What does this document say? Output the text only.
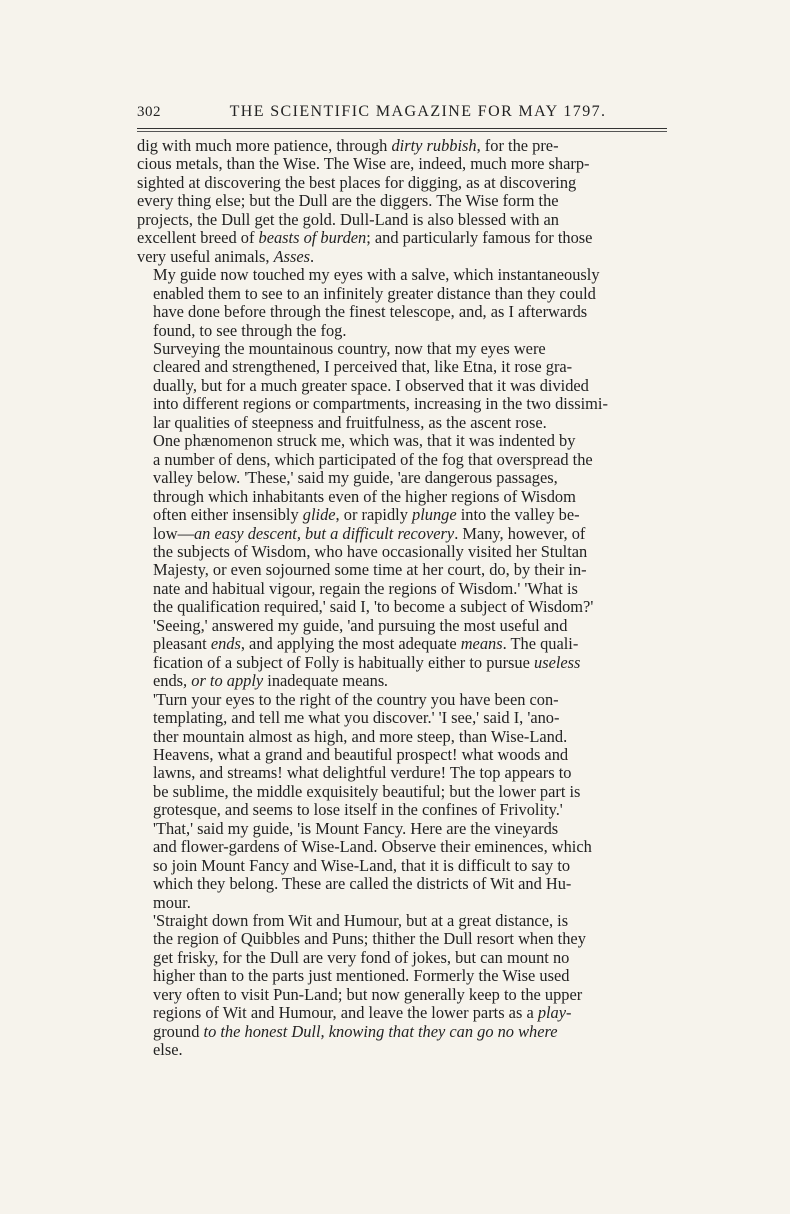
302	THE SCIENTIFIC MAGAZINE FOR MAY 1797.

dig with much more patience, through dirty rubbish, for the pre-
cious metals, than the Wise. The Wise are, indeed, much more sharp-
sighted at discovering the best places for digging, as at discovering
every thing else; but the Dull are the diggers. The Wise form the
projects, the Dull get the gold. Dull-Land is also blessed with an
excellent breed of beasts of burden; and particularly famous for those
very useful animals, Asses.

My guide now touched my eyes with a salve, which instantaneously
enabled them to see to an infinitely greater distance than they could
have done before through the finest telescope, and, as I afterwards
found, to see through the fog.

Surveying the mountainous country, now that my eyes were
cleared and strengthened, I perceived that, like Etna, it rose gra-
dually, but for a much greater space. I observed that it was divided
into different regions or compartments, increasing in the two dissimi-
lar qualities of steepness and fruitfulness, as the ascent rose.

One phænomenon struck me, which was, that it was indented by
a number of dens, which participated of the fog that overspread the
valley below. 'These,' said my guide, 'are dangerous passages,
through which inhabitants even of the higher regions of Wisdom
often either insensibly glide, or rapidly plunge into the valley be-
low—an easy descent, but a difficult recovery. Many, however, of
the subjects of Wisdom, who have occasionally visited her Stultan
Majesty, or even sojourned some time at her court, do, by their in-
nate and habitual vigour, regain the regions of Wisdom.' 'What is
the qualification required,' said I, 'to become a subject of Wisdom?'
'Seeing,' answered my guide, 'and pursuing the most useful and
pleasant ends, and applying the most adequate means. The quali-
fication of a subject of Folly is habitually either to pursue useless
ends, or to apply inadequate means.

'Turn your eyes to the right of the country you have been con-
templating, and tell me what you discover.' 'I see,' said I, 'ano-
ther mountain almost as high, and more steep, than Wise-Land.
Heavens, what a grand and beautiful prospect! what woods and
lawns, and streams! what delightful verdure! The top appears to
be sublime, the middle exquisitely beautiful; but the lower part is
grotesque, and seems to lose itself in the confines of Frivolity.'
'That,' said my guide, 'is Mount Fancy. Here are the vineyards
and flower-gardens of Wise-Land. Observe their eminences, which
so join Mount Fancy and Wise-Land, that it is difficult to say to
which they belong. These are called the districts of Wit and Hu-
mour.

'Straight down from Wit and Humour, but at a great distance, is
the region of Quibbles and Puns; thither the Dull resort when they
get frisky, for the Dull are very fond of jokes, but can mount no
higher than to the parts just mentioned. Formerly the Wise used
very often to visit Pun-Land; but now generally keep to the upper
regions of Wit and Humour, and leave the lower parts as a play-
ground to the honest Dull, knowing that they can go no where
else.
